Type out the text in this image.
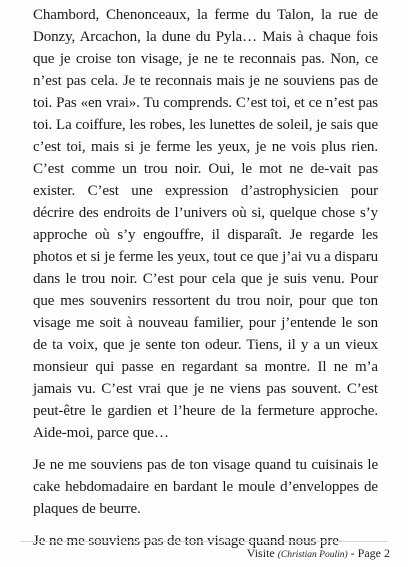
Chambord, Chenonceaux, la ferme du Talon, la rue de Donzy, Arcachon, la dune du Pyla… Mais à chaque fois que je croise ton visage, je ne te reconnais pas. Non, ce n’est pas cela. Je te reconnais mais je ne souviens pas de toi. Pas «en vrai». Tu comprends. C’est toi, et ce n’est pas toi. La coiffure, les robes, les lunettes de soleil, je sais que c’est toi, mais si je ferme les yeux, je ne vois plus rien. C’est comme un trou noir. Oui, le mot ne de-vait pas exister. C’est une expression d’astrophysicien pour décrire des endroits de l’univers où si, quelque chose s’y approche où s’y engouffre, il disparaît. Je regarde les photos et si je ferme les yeux, tout ce que j’ai vu a disparu dans le trou noir. C’est pour cela que je suis venu. Pour que mes souvenirs ressortent du trou noir, pour que ton visage me soit à nouveau familier, pour j’entende le son de ta voix, que je sente ton odeur. Tiens, il y a un vieux monsieur qui passe en regardant sa montre. Il ne m’a jamais vu. C’est vrai que je ne viens pas souvent. C’est peut-être le gardien et l’heure de la fermeture approche. Aide-moi, parce que…

Je ne me souviens pas de ton visage quand tu cuisinais le cake hebdomadaire en bardant le moule d’enveloppes de plaques de beurre.

Je ne me souviens pas de ton visage quand nous pre-

Visite (Christian Poulin) - Page 2
